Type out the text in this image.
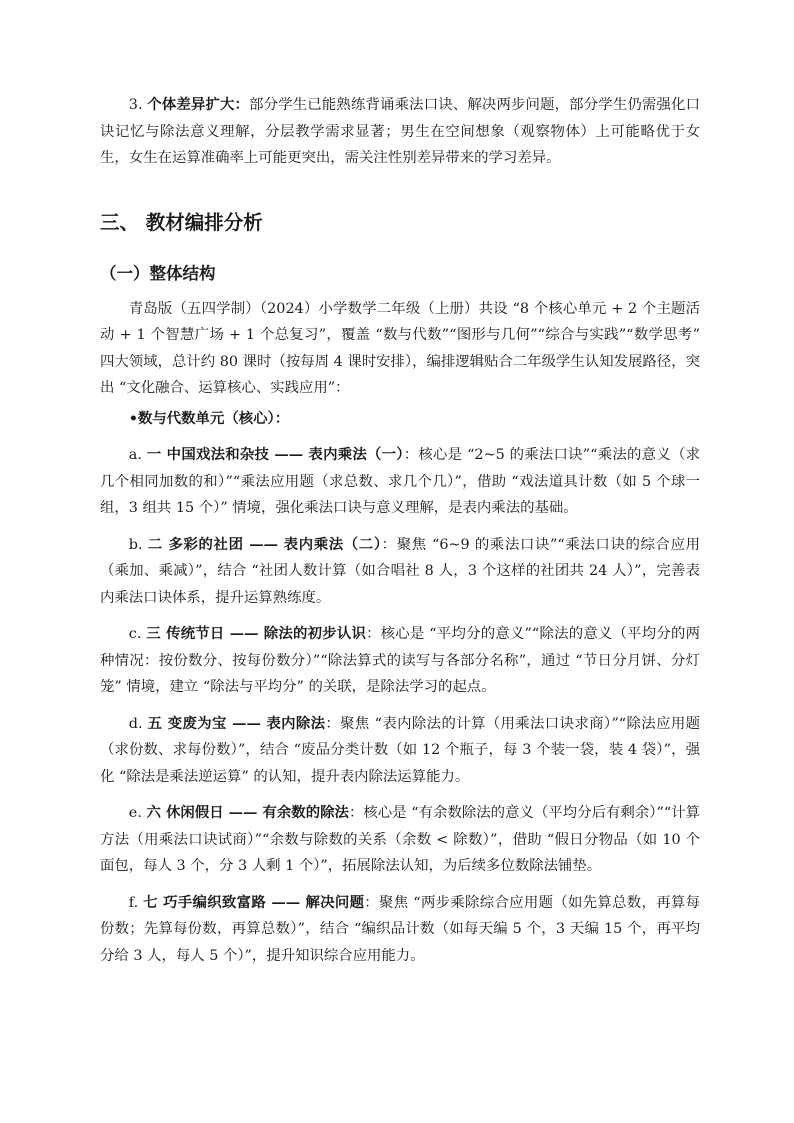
3. 个体差异扩大：部分学生已能熟练背诵乘法口诀、解决两步问题，部分学生仍需强化口诀记忆与除法意义理解，分层教学需求显著；男生在空间想象（观察物体）上可能略优于女生，女生在运算准确率上可能更突出，需关注性别差异带来的学习差异。

三、 教材编排分析
（一）整体结构

青岛版（五四学制）（2024）小学数学二年级（上册）共设 “8 个核心单元 + 2 个主题活动 + 1 个智慧广场 + 1 个总复习”，覆盖 “数与代数”“图形与几何”“综合与实践”“数学思考” 四大领域，总计约 80 课时（按每周 4 课时安排），编排逻辑贴合二年级学生认知发展路径，突出 “文化融合、运算核心、实践应用”：

•数与代数单元（核心）：

a. 一 中国戏法和杂技 —— 表内乘法（一）：核心是 “2~5 的乘法口诀”“乘法的意义（求几个相同加数的和）”“乘法应用题（求总数、求几个几）”，借助 “戏法道具计数（如 5 个球一组，3 组共 15 个）” 情境，强化乘法口诀与意义理解，是表内乘法的基础。

b. 二 多彩的社团 —— 表内乘法（二）：聚焦 “6~9 的乘法口诀”“乘法口诀的综合应用（乘加、乘减）”，结合 “社团人数计算（如合唱社 8 人，3 个这样的社团共 24 人）”，完善表内乘法口诀体系，提升运算熟练度。

c. 三 传统节日 —— 除法的初步认识：核心是 “平均分的意义”“除法的意义（平均分的两种情况：按份数分、按每份数分）”“除法算式的读写与各部分名称”，通过 “节日分月饼、分灯笼” 情境，建立 “除法与平均分” 的关联，是除法学习的起点。

d. 五 变废为宝 —— 表内除法：聚焦 “表内除法的计算（用乘法口诀求商）”“除法应用题（求份数、求每份数）”，结合 “废品分类计数（如 12 个瓶子，每 3 个装一袋，装 4 袋）”，强化 “除法是乘法逆运算” 的认知，提升表内除法运算能力。

e. 六 休闲假日 —— 有余数的除法：核心是 “有余数除法的意义（平均分后有剩余）”“计算方法（用乘法口诀试商）”“余数与除数的关系（余数 < 除数）”，借助 “假日分物品（如 10 个面包，每人 3 个，分 3 人剩 1 个）”，拓展除法认知，为后续多位数除法铺垫。

f. 七 巧手编织致富路 —— 解决问题：聚焦 “两步乘除综合应用题（如先算总数，再算每份数；先算每份数，再算总数）”，结合 “编织品计数（如每天编 5 个，3 天编 15 个，再平均分给 3 人，每人 5 个）”，提升知识综合应用能力。
